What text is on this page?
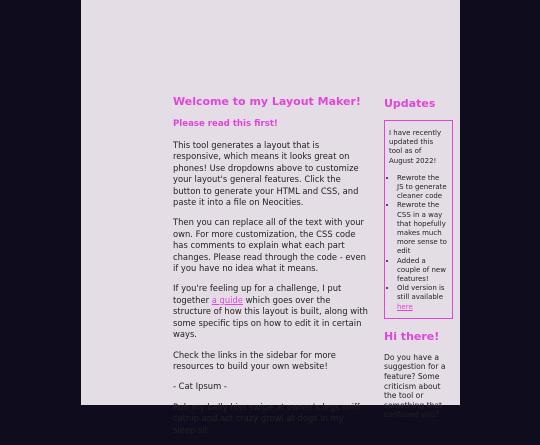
Welcome to my Layout Maker!
Please read this first!

This tool generates a layout that is responsive, which means it looks great on phones! Use dropdowns above to customize your layout's general features. Click the button to generate your HTML and CSS, and paste it into a file on Neocities.

Then you can replace all of the text with your own. For more customization, the CSS code has comments to explain what each part changes. Please read through the code - even if you have no idea what it means.

If you're feeling up for a challenge, I put together a guide which goes over the structure of how this layout is built, along with some specific tips on how to edit it in certain ways.

Check the links in the sidebar for more resources to build your own website!

- Cat Ipsum -

Rub my belly hiss swipe at owner's legs sniff catnip and act crazy growl at dogs in my sleep sit

Updates

I have recently updated this tool as of August 2022!

• Rewrote the JS to generate cleaner code
• Rewrote the CSS in a way that hopefully makes much more sense to edit
• Added a couple of new features!
• Old version is still available here
Hi there!

Do you have a suggestion for a feature? Some criticism about the tool or something that confused you?
